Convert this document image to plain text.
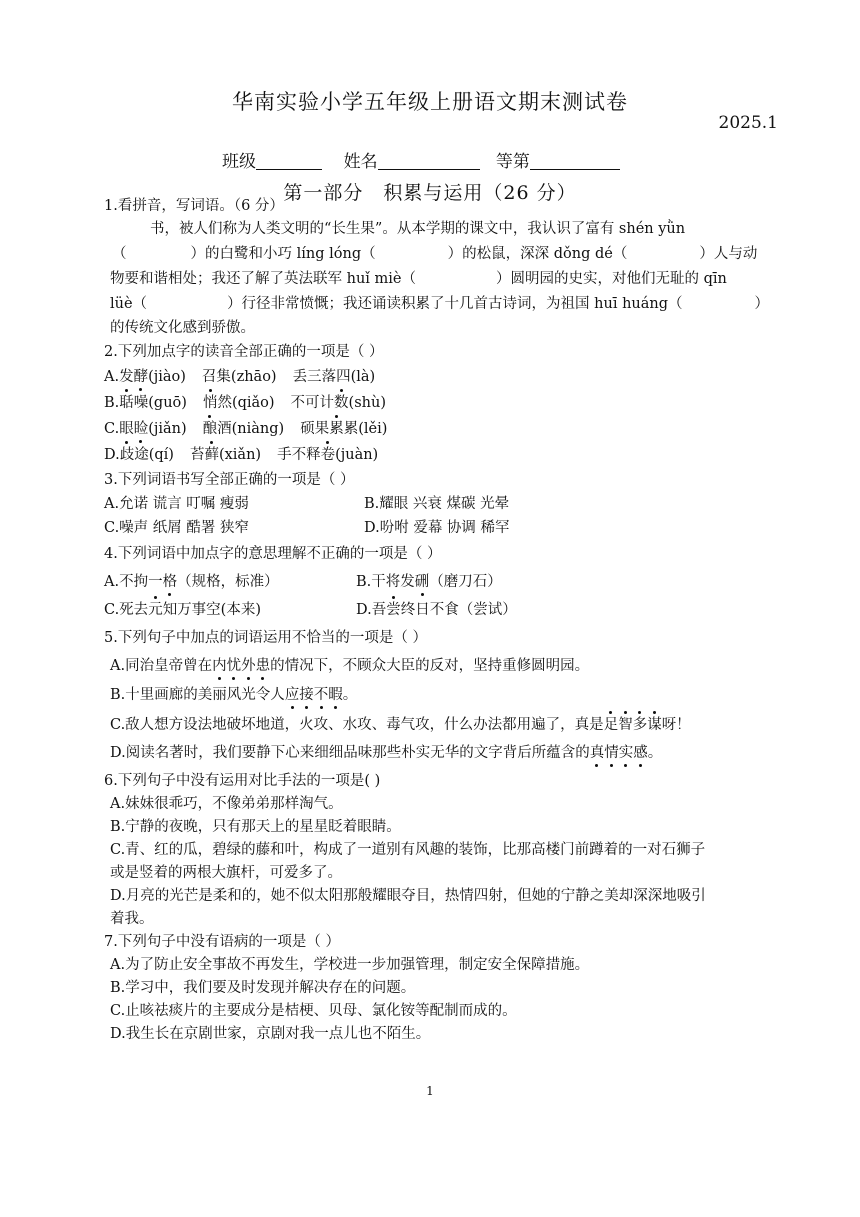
华南实验小学五年级上册语文期末测试卷
2025.1
班级	姓名	等第
第一部分 积累与运用（26 分）
1.看拼音，写词语。（6 分）
书，被人们称为人类文明的“长生果”。从本学期的课文中，我认识了富有 shén yǜn
（	）的白鹭和小巧 líng lóng（	）的松鼠，深深 dǒng dé（	）人与动
物要和谐相处；我还了解了英法联军 huǐ miè（	）圆明园的史实，对他们无耻的 qīn
lüè（	）行径非常愤慨；我还诵读积累了十几首古诗词，为祖国 huī huáng（	）
的传统文化感到骄傲。
2.下列加点字的读音全部正确的一项是（ ）
A.发酵(jiào) 召集(zhāo) 丢三落四(là)
B.聒噪(guō) 悄然(qiǎo) 不可计数(shù)
C.眼睑(jiǎn) 酿酒(niàng) 硕果累累(lěi)
D.歧途(qí) 苔藓(xiǎn) 手不释卷(juàn)
3.下列词语书写全部正确的一项是（ ）
A.允诺 谎言 叮嘱 瘦弱	B.耀眼 兴衰 煤碳 光晕
C.噪声 纸屑 酷署 狭窄	D.吩咐 爱幕 协调 稀罕
4.下列词语中加点字的意思理解不正确的一项是（ ）
A.不拘一格（规格，标准）	B.干将发硎（磨刀石）
C.死去元知万事空(本来)	D.吾尝终日不食（尝试）
5.下列句子中加点的词语运用不恰当的一项是（ ）
A.同治皇帝曾在内忧外患的情况下，不顾众大臣的反对，坚持重修圆明园。
B.十里画廊的美丽风光令人应接不暇。
C.敌人想方设法地破坏地道，火攻、水攻、毒气攻，什么办法都用遍了，真是足智多谋呀！
D.阅读名著时，我们要静下心来细细品味那些朴实无华的文字背后所蕴含的真情实感。
6.下列句子中没有运用对比手法的一项是( )
A.妹妹很乖巧，不像弟弟那样淘气。
B.宁静的夜晚，只有那天上的星星眨着眼睛。
C.青、红的瓜，碧绿的藤和叶，构成了一道别有风趣的装饰，比那高楼门前蹲着的一对石狮子
或是竖着的两根大旗杆，可爱多了。
D.月亮的光芒是柔和的，她不似太阳那般耀眼夺目，热情四射，但她的宁静之美却深深地吸引
着我。
7.下列句子中没有语病的一项是（ ）
A.为了防止安全事故不再发生，学校进一步加强管理，制定安全保障措施。
B.学习中，我们要及时发现并解决存在的问题。
C.止咳祛痰片的主要成分是桔梗、贝母、氯化铵等配制而成的。
D.我生长在京剧世家，京剧对我一点儿也不陌生。
1
